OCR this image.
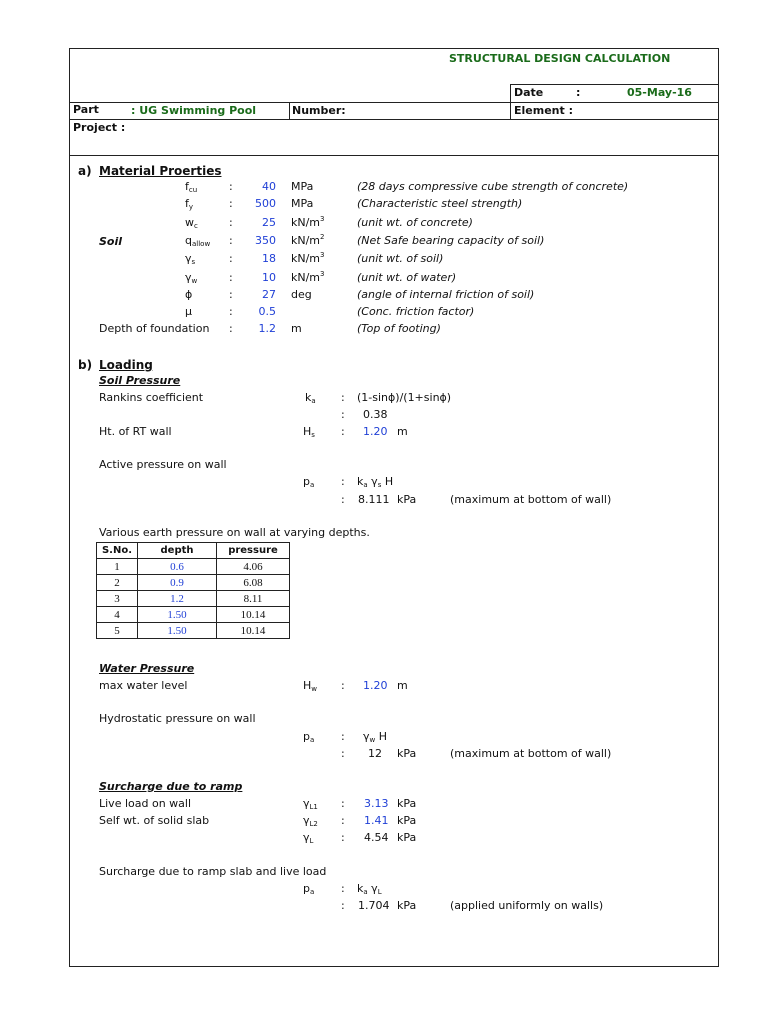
STRUCTURAL DESIGN CALCULATION
Date	:	05-May-16
Part	: UG Swimming Pool	Number:	Element :
Project :
a) Material Proerties
Soil
$f_{cu}$	:	40 MPa	(28 days compressive cube strength of concrete)
$f_y$	:	500 MPa	(Characteristic steel strength)
$w_c$	:	25 $kN/m^3$	(unit wt. of concrete)
$q_{allow}$	:	350 $kN/m^2$	(Net Safe bearing capacity of soil)
$\gamma_s$	:	18 $kN/m^3$	(unit wt. of soil)
$\gamma_w$	:	10 $kN/m^3$	(unit wt. of water)
ϕ	:	27 deg	(angle of internal friction of soil)
μ	:	0.5	(Conc. friction factor)
Depth of foundation :	1.2 m	(Top of footing)
b) Loading
Soil Pressure
Rankins coefficient	$k_a$ : (1-sinϕ)/(1+sinϕ)
: 0.38
Ht. of RT wall	$H_s$ : 1.20 m
Active pressure on wall
$p_a$ : $k_a$ $\gamma_s$ H
: 8.111 kPa	(maximum at bottom of wall)
Various earth pressure on wall at varying depths.
S.No.	depth	pressure
1	0.6	4.06
2	0.9	6.08
3	1.2	8.11
4	1.50	10.14
5	1.50	10.14
Water Pressure
max water level	$H_w$ : 1.20 m
Hydrostatic pressure on wall
$p_a$ : $\gamma_w$ H
: 12 kPa	(maximum at bottom of wall)
Surcharge due to ramp
Live load on wall	$\gamma_{L1}$ : 3.13 kPa
Self wt. of solid slab	$\gamma_{L2}$ : 1.41 kPa
$\gamma_L$	: 4.54 kPa
Surcharge due to ramp slab and live load
$p_a$ : $k_a$ $\gamma_L$
: 1.704 kPa	(applied uniformly on walls)
